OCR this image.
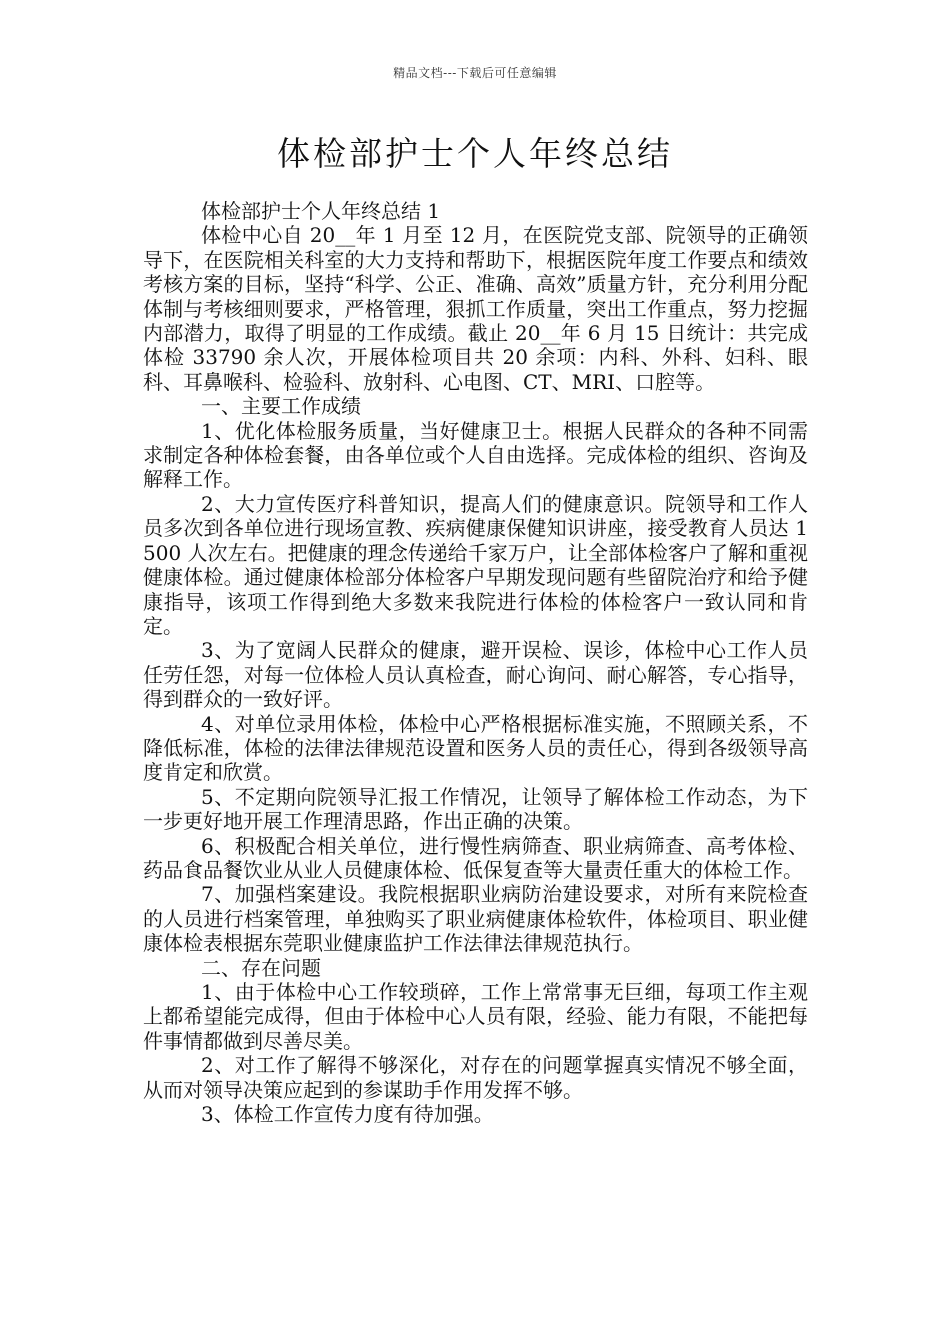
精品文档---下载后可任意编辑
体检部护士个人年终总结

体检部护士个人年终总结 1

体检中心自 20__年 1 月至 12 月，在医院党支部、院领导的正确领导下，在医院相关科室的大力支持和帮助下，根据医院年度工作要点和绩效考核方案的目标，坚持“科学、公正、准确、高效”质量方针，充分利用分配体制与考核细则要求，严格管理，狠抓工作质量，突出工作重点，努力挖掘内部潜力，取得了明显的工作成绩。截止 20__年 6 月 15 日统计：共完成体检 33790 余人次，开展体检项目共 20 余项：内科、外科、妇科、眼科、耳鼻喉科、检验科、放射科、心电图、CT、MRI、口腔等。

一、主要工作成绩

1、优化体检服务质量，当好健康卫士。根据人民群众的各种不同需求制定各种体检套餐，由各单位或个人自由选择。完成体检的组织、咨询及解释工作。

2、大力宣传医疗科普知识，提高人们的健康意识。院领导和工作人员多次到各单位进行现场宣教、疾病健康保健知识讲座，接受教育人员达 1500 人次左右。把健康的理念传递给千家万户，让全部体检客户了解和重视健康体检。通过健康体检部分体检客户早期发现问题有些留院治疗和给予健康指导，该项工作得到绝大多数来我院进行体检的体检客户一致认同和肯定。

3、为了宽阔人民群众的健康，避开误检、误诊，体检中心工作人员任劳任怨，对每一位体检人员认真检查，耐心询问、耐心解答，专心指导，得到群众的一致好评。

4、对单位录用体检，体检中心严格根据标准实施，不照顾关系，不降低标准，体检的法律法律规范设置和医务人员的责任心，得到各级领导高度肯定和欣赏。

5、不定期向院领导汇报工作情况，让领导了解体检工作动态，为下一步更好地开展工作理清思路，作出正确的决策。

6、积极配合相关单位，进行慢性病筛查、职业病筛查、高考体检、药品食品餐饮业从业人员健康体检、低保复查等大量责任重大的体检工作。

7、加强档案建设。我院根据职业病防治建设要求，对所有来院检查的人员进行档案管理，单独购买了职业病健康体检软件，体检项目、职业健康体检表根据东莞职业健康监护工作法律法律规范执行。

二、存在问题

1、由于体检中心工作较琐碎，工作上常常事无巨细，每项工作主观上都希望能完成得，但由于体检中心人员有限，经验、能力有限，不能把每件事情都做到尽善尽美。

2、对工作了解得不够深化，对存在的问题掌握真实情况不够全面，从而对领导决策应起到的参谋助手作用发挥不够。

3、体检工作宣传力度有待加强。
